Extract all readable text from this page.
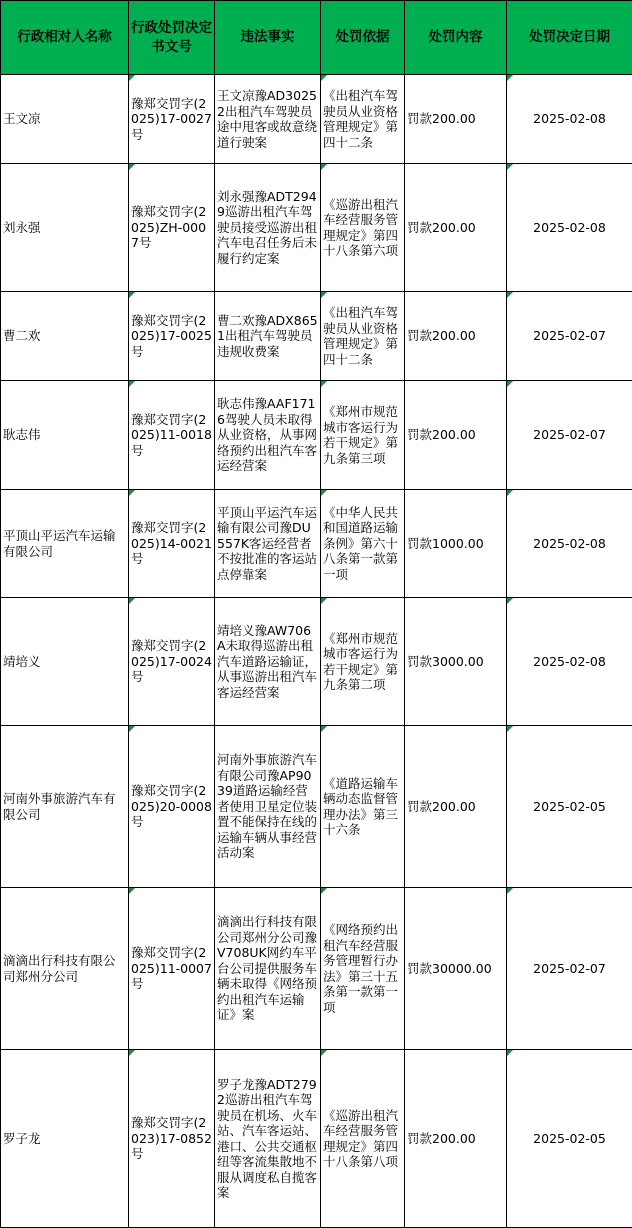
行政相对人名称	行政处罚决定书文号	违法事实	处罚依据	处罚内容	处罚决定日期
王文凉	豫郑交罚字(2025)17-0027号	王文凉豫AD30252出租汽车驾驶员途中甩客或故意绕道行驶案	《出租汽车驾驶员从业资格管理规定》第四十二条	罚款200.00	2025-02-08
刘永强	豫郑交罚字(2025)ZH-0007号	刘永强豫ADT2949巡游出租汽车驾驶员接受巡游出租汽车电召任务后未履行约定案	《巡游出租汽车经营服务管理规定》第四十八条第六项	罚款200.00	2025-02-08
曹二欢	豫郑交罚字(2025)17-0025号	曹二欢豫ADX8651出租汽车驾驶员违规收费案	《出租汽车驾驶员从业资格管理规定》第四十二条	罚款200.00	2025-02-07
耿志伟	豫郑交罚字(2025)11-0018号	耿志伟豫AAF1716驾驶人员未取得从业资格，从事网络预约出租汽车客运经营案	《郑州市规范城市客运行为若干规定》第九条第三项	罚款200.00	2025-02-07
平顶山平运汽车运输有限公司	豫郑交罚字(2025)14-0021号	平顶山平运汽车运输有限公司豫DU557K客运经营者不按批准的客运站点停靠案	《中华人民共和国道路运输条例》第六十八条第一款第一项	罚款1000.00	2025-02-08
靖培义	豫郑交罚字(2025)17-0024号	靖培义豫AW706A未取得巡游出租汽车道路运输证，从事巡游出租汽车客运经营案	《郑州市规范城市客运行为若干规定》第九条第二项	罚款3000.00	2025-02-08
河南外事旅游汽车有限公司	豫郑交罚字(2025)20-0008号	河南外事旅游汽车有限公司豫AP9039道路运输经营者使用卫星定位装置不能保持在线的运输车辆从事经营活动案	《道路运输车辆动态监督管理办法》第三十六条	罚款200.00	2025-02-05
滴滴出行科技有限公司郑州分公司	豫郑交罚字(2025)11-0007号	滴滴出行科技有限公司郑州分公司豫V708UK网约车平台公司提供服务车辆未取得《网络预约出租汽车运输证》案	《网络预约出租汽车经营服务管理暂行办法》第三十五条第一款第一项	罚款30000.00	2025-02-07
罗子龙	豫郑交罚字(2023)17-0852号	罗子龙豫ADT2792巡游出租汽车驾驶员在机场、火车站、汽车客运站、港口、公共交通枢纽等客流集散地不服从调度私自揽客案	《巡游出租汽车经营服务管理规定》第四十八条第八项	罚款200.00	2025-02-05
